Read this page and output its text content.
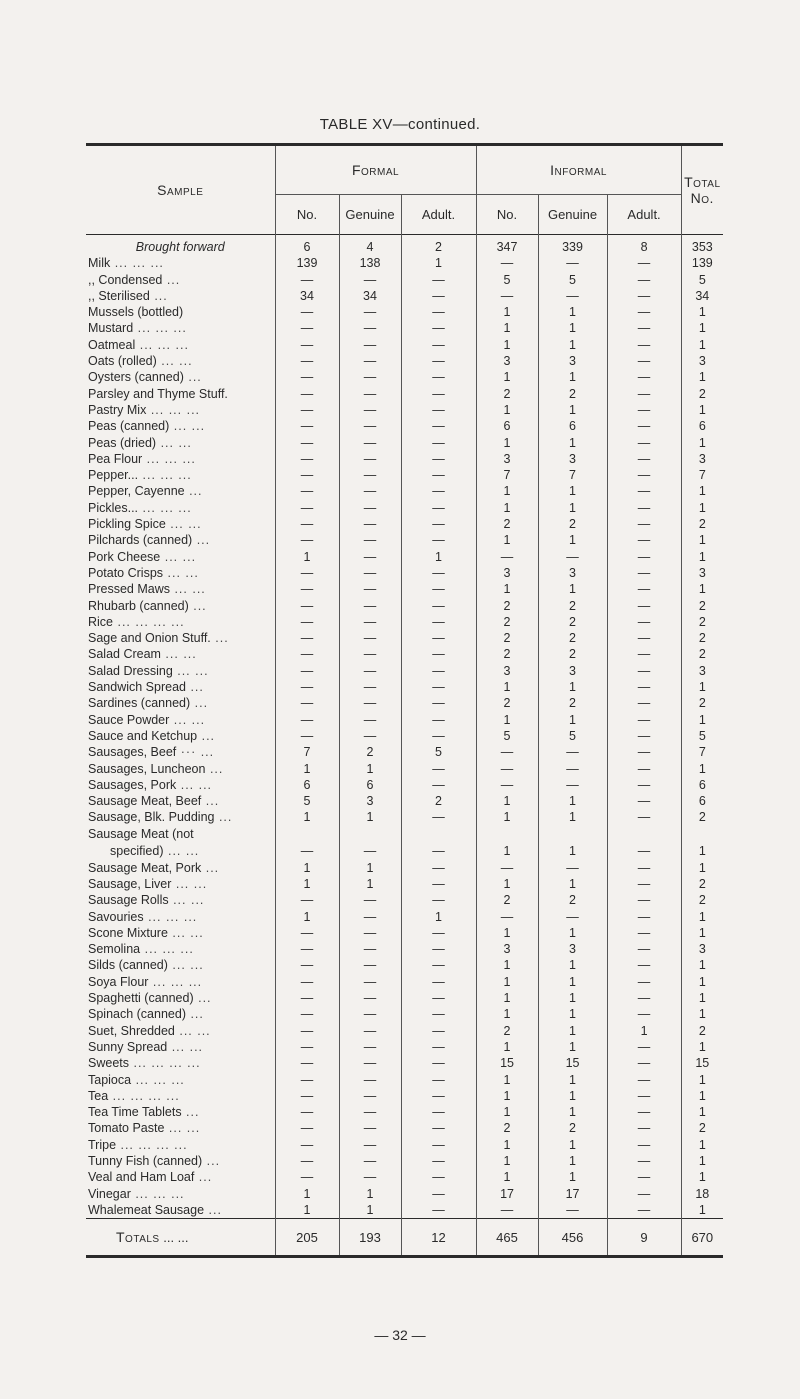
TABLE XV—continued.
Sample	Formal			Informal			Total No.
	No.	Genuine	Adult.	No.	Genuine	Adult.	
Brought forward	6	4	2	347	339	8	353
Milk ... ... ...	139	138	1	—	—	—	139
,, Condensed ...	—	—	—	5	5	—	5
,, Sterilised ...	34	34	—	—	—	—	34
Mussels (bottled)	—	—	—	1	1	—	1
Mustard ... ... ...	—	—	—	1	1	—	1
Oatmeal ... ... ...	—	—	—	1	1	—	1
Oats (rolled) ... ...	—	—	—	3	3	—	3
Oysters (canned) ...	—	—	—	1	1	—	1
Parsley and Thyme Stuff.	—	—	—	2	2	—	2
Pastry Mix ... ... ...	—	—	—	1	1	—	1
Peas (canned) ... ...	—	—	—	6	6	—	6
Peas (dried) ... ...	—	—	—	1	1	—	1
Pea Flour ... ... ...	—	—	—	3	3	—	3
Pepper... ... ... ...	—	—	—	7	7	—	7
Pepper, Cayenne ...	—	—	—	1	1	—	1
Pickles... ... ... ...	—	—	—	1	1	—	1
Pickling Spice ... ...	—	—	—	2	2	—	2
Pilchards (canned) ...	—	—	—	1	1	—	1
Pork Cheese ... ...	1	—	1	—	—	—	1
Potato Crisps ... ...	—	—	—	3	3	—	3
Pressed Maws ... ...	—	—	—	1	1	—	1
Rhubarb (canned) ...	—	—	—	2	2	—	2
Rice ... ... ... ...	—	—	—	2	2	—	2
Sage and Onion Stuff. ...	—	—	—	2	2	—	2
Salad Cream ... ...	—	—	—	2	2	—	2
Salad Dressing ... ...	—	—	—	3	3	—	3
Sandwich Spread ...	—	—	—	1	1	—	1
Sardines (canned) ...	—	—	—	2	2	—	2
Sauce Powder ... ...	—	—	—	1	1	—	1
Sauce and Ketchup ...	—	—	—	5	5	—	5
Sausages, Beef ··· ...	7	2	5	—	—	—	7
Sausages, Luncheon ...	1	1	—	—	—	—	1
Sausages, Pork ... ...	6	6	—	—	—	—	6
Sausage Meat, Beef ...	5	3	2	1	1	—	6
Sausage, Blk. Pudding ...	1	1	—	1	1	—	2
Sausage Meat (not
specified) ... ...	—	—	—	1	1	—	1
Sausage Meat, Pork ...	1	1	—	—	—	—	1
Sausage, Liver ... ...	1	1	—	1	1	—	2
Sausage Rolls ... ...	—	—	—	2	2	—	2
Savouries ... ... ...	1	—	1	—	—	—	1
Scone Mixture ... ...	—	—	—	1	1	—	1
Semolina ... ... ...	—	—	—	3	3	—	3
Silds (canned) ... ...	—	—	—	1	1	—	1
Soya Flour ... ... ...	—	—	—	1	1	—	1
Spaghetti (canned) ...	—	—	—	1	1	—	1
Spinach (canned) ...	—	—	—	1	1	—	1
Suet, Shredded ... ...	—	—	—	2	1	1	2
Sunny Spread ... ...	—	—	—	1	1	—	1
Sweets ... ... ... ...	—	—	—	15	15	—	15
Tapioca ... ... ...	—	—	—	1	1	—	1
Tea ... ... ... ...	—	—	—	1	1	—	1
Tea Time Tablets ...	—	—	—	1	1	—	1
Tomato Paste ... ...	—	—	—	2	2	—	2
Tripe ... ... ... ...	—	—	—	1	1	—	1
Tunny Fish (canned) ...	—	—	—	1	1	—	1
Veal and Ham Loaf ...	—	—	—	1	1	—	1
Vinegar ... ... ...	1	1	—	17	17	—	18
Whalemeat Sausage ...	1	1	—	—	—	—	1
Totals ... ...	205	193	12	465	456	9	670
— 32 —
